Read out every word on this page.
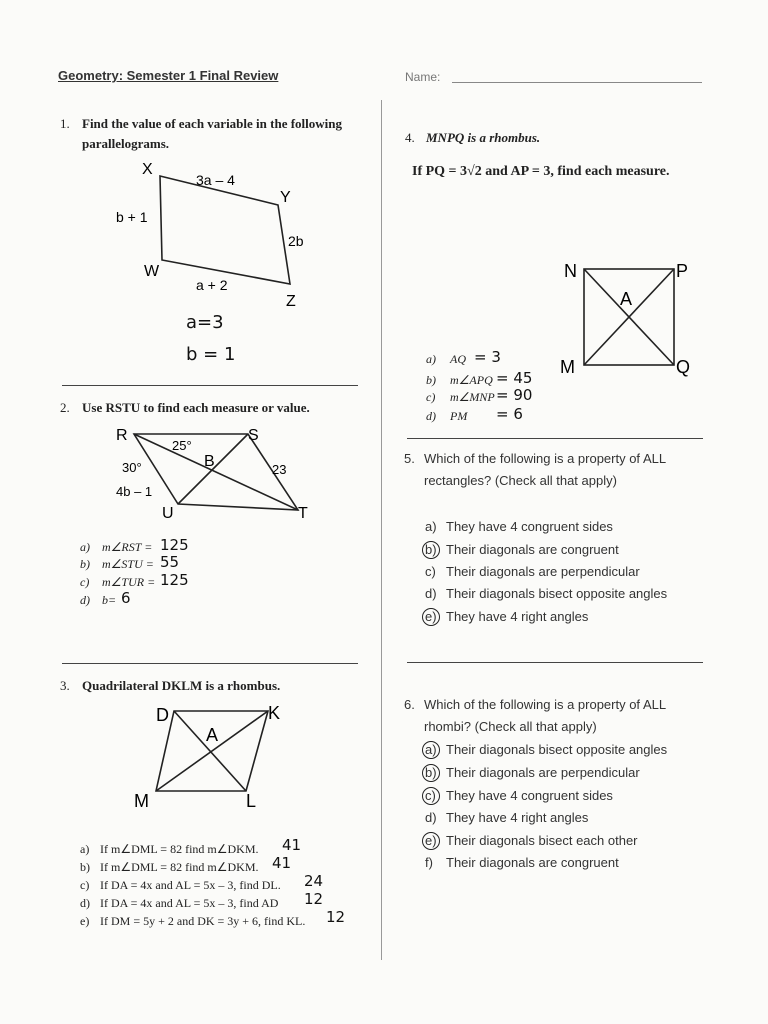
Geometry: Semester 1 Final Review	Name:
1. Find the value of each variable in the following
parallelograms.
X
Y
W
Z
3a – 4
b + 1
2b
a + 2
a=3
b = 1
2. Use RSTU to find each measure or value.
R	S
T
U
B
25°
30°	23
4b – 1
a) m∠RST = 125
b) m∠STU = 55
c) m∠TUR = 125
d) b= 6
3. Quadrilateral DKLM is a rhombus.
D	K
L
M
A
a) If m∠DML = 82 find m∠DKM. 41
b) If m∠DML = 82 find m∠DKM. 41
c) If DA = 4x and AL = 5x – 3, find DL. 24
d) If DA = 4x and AL = 5x – 3, find AD 12
e) If DM = 5y + 2 and DK = 3y + 6, find KL. 12
4. MNPQ is a rhombus.
If PQ = 3√2 and AP = 3, find each measure.
N	P
M	Q
A
a) AQ = 3
b) m∠APQ = 45
c) m∠MNP = 90
d) PM = 6
5. Which of the following is a property of ALL
rectangles? (Check all that apply)
a) They have 4 congruent sides
b) Their diagonals are congruent
c) Their diagonals are perpendicular
d) Their diagonals bisect opposite angles
e) They have 4 right angles
6. Which of the following is a property of ALL
rhombi? (Check all that apply)
a) Their diagonals bisect opposite angles
b) Their diagonals are perpendicular
c) They have 4 congruent sides
d) They have 4 right angles
e) Their diagonals bisect each other
f) Their diagonals are congruent
